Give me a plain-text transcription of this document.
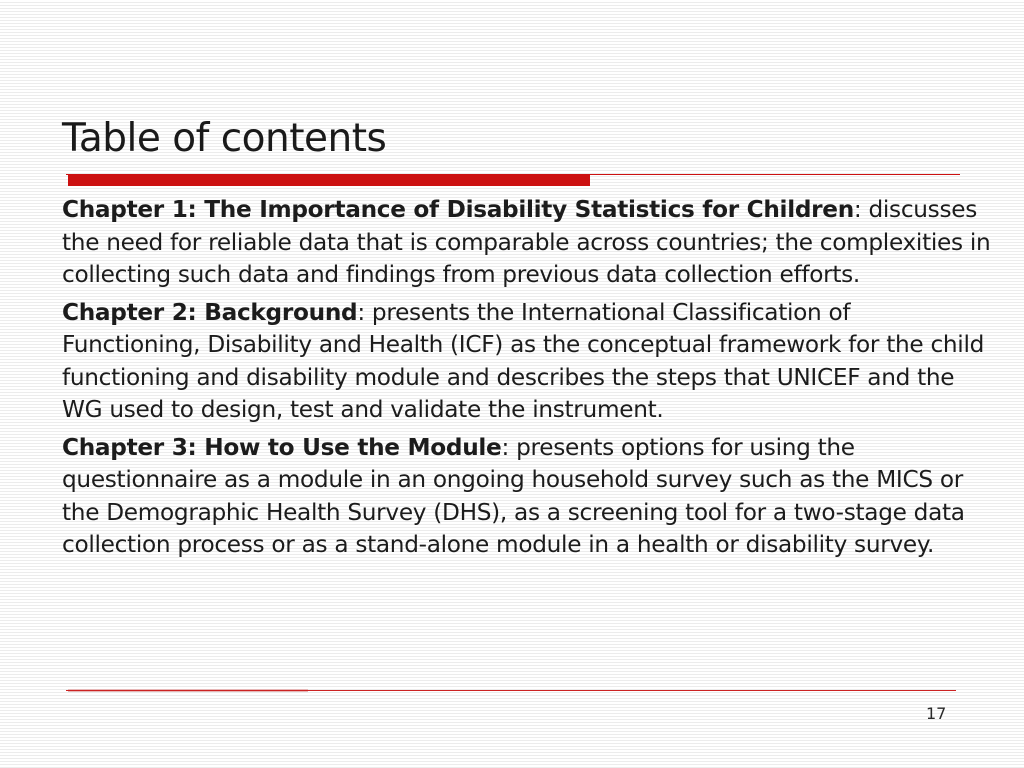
Table of contents

Chapter 1: The Importance of Disability Statistics for Children: discusses the need for reliable data that is comparable across countries; the complexities in collecting such data and findings from previous data collection efforts.

Chapter 2: Background: presents the International Classification of Functioning, Disability and Health (ICF) as the conceptual framework for the child functioning and disability module and describes the steps that UNICEF and the WG used to design, test and validate the instrument.

Chapter 3: How to Use the Module: presents options for using the questionnaire as a module in an ongoing household survey such as the MICS or the Demographic Health Survey (DHS), as a screening tool for a two-stage data collection process or as a stand-alone module in a health or disability survey.

17
